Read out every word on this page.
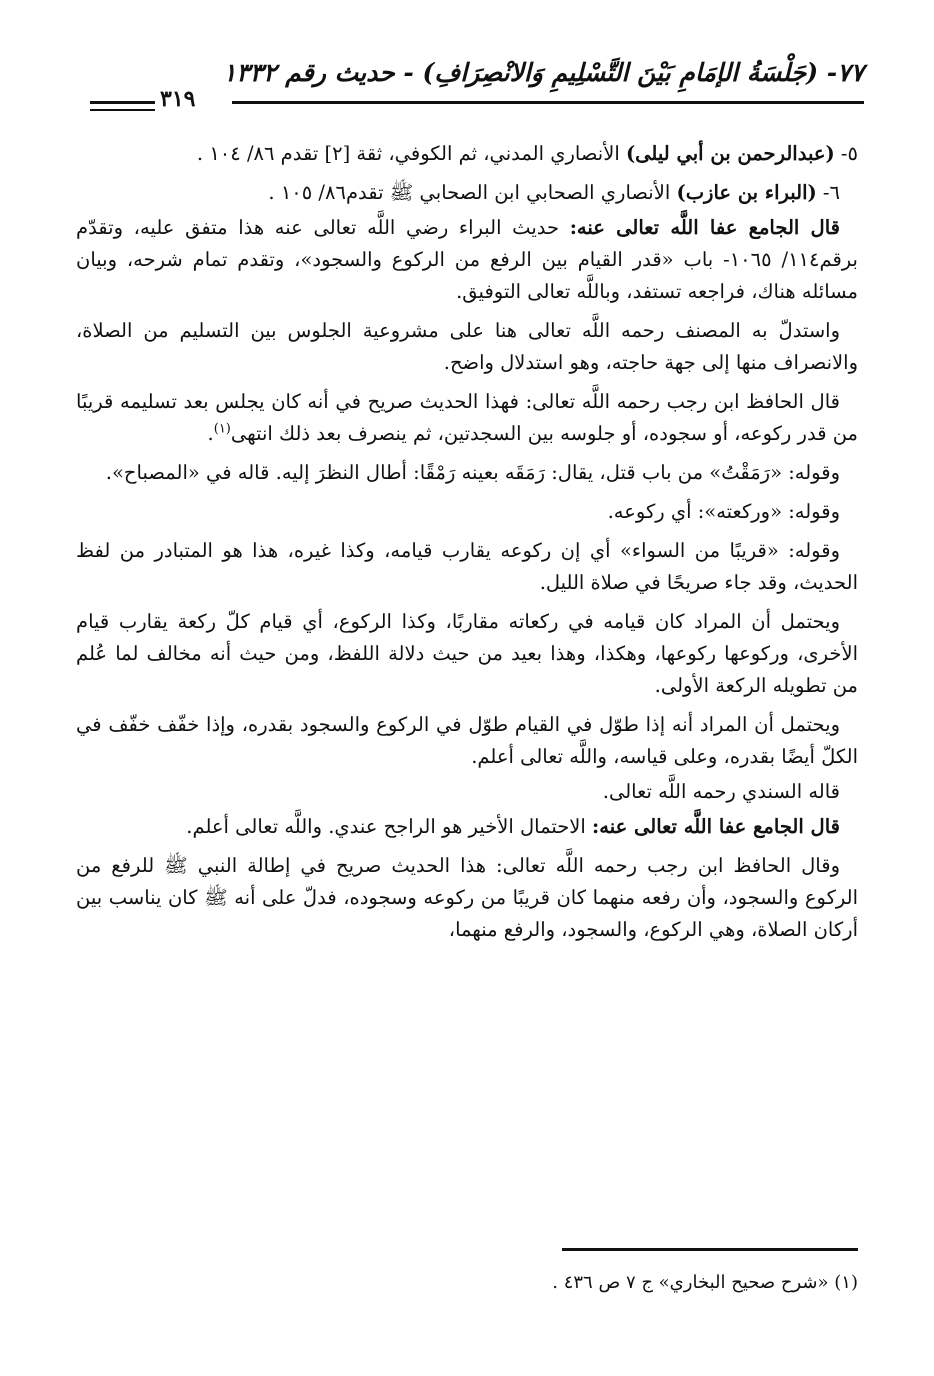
٧٧- (جَلْسَةُ الإمَامِ بَيْنَ التَّسْلِيمِ وَالانْصِرَافِ) - حديث رقم ١٣٣٢
٣١٩

٥- (عبدالرحمن بن أبي ليلى) الأنصاري المدني، ثم الكوفي، ثقة [٢] تقدم ٨٦/ ١٠٤ .

٦- (البراء بن عازب) الأنصاري الصحابي ابن الصحابي ﷺ تقدم٨٦/ ١٠٥ .

قال الجامع عفا اللَّه تعالى عنه: حديث البراء رضي اللَّه تعالى عنه هذا متفق عليه، وتقدّم برقم١١٤/ ١٠٦٥- باب «قدر القيام بين الرفع من الركوع والسجود»، وتقدم تمام شرحه، وبيان مسائله هناك، فراجعه تستفد، وباللَّه تعالى التوفيق.

واستدلّ به المصنف رحمه اللَّه تعالى هنا على مشروعية الجلوس بين التسليم من الصلاة، والانصراف منها إلى جهة حاجته، وهو استدلال واضح.

قال الحافظ ابن رجب رحمه اللَّه تعالى: فهذا الحديث صريح في أنه كان يجلس بعد تسليمه قريبًا من قدر ركوعه، أو سجوده، أو جلوسه بين السجدتين، ثم ينصرف بعد ذلك انتهى$^{(١)}$.

وقوله: «رَمَقْتُ» من باب قتل، يقال: رَمَقَه بعينه رَمْقًا: أطال النظرَ إليه. قاله في «المصباح».

وقوله: «وركعته»: أي ركوعه.

وقوله: «قريبًا من السواء» أي إن ركوعه يقارب قيامه، وكذا غيره، هذا هو المتبادر من لفظ الحديث، وقد جاء صريحًا في صلاة الليل.

ويحتمل أن المراد كان قيامه في ركعاته مقاربًا، وكذا الركوع، أي قيام كلّ ركعة يقارب قيام الأخرى، وركوعها ركوعها، وهكذا، وهذا بعيد من حيث دلالة اللفظ، ومن حيث أنه مخالف لما عُلم من تطويله الركعة الأولى.

ويحتمل أن المراد أنه إذا طوّل في القيام طوّل في الركوع والسجود بقدره، وإذا خفّف خفّف في الكلّ أيضًا بقدره، وعلى قياسه، واللَّه تعالى أعلم.

قاله السندي رحمه اللَّه تعالى.

قال الجامع عفا اللَّه تعالى عنه: الاحتمال الأخير هو الراجح عندي. واللَّه تعالى أعلم.

وقال الحافظ ابن رجب رحمه اللَّه تعالى: هذا الحديث صريح في إطالة النبي ﷺ للرفع من الركوع والسجود، وأن رفعه منهما كان قريبًا من ركوعه وسجوده، فدلّ على أنه ﷺ كان يناسب بين أركان الصلاة، وهي الركوع، والسجود، والرفع منهما،

(١) «شرح صحيح البخاري» ج ٧ ص ٤٣٦ .
